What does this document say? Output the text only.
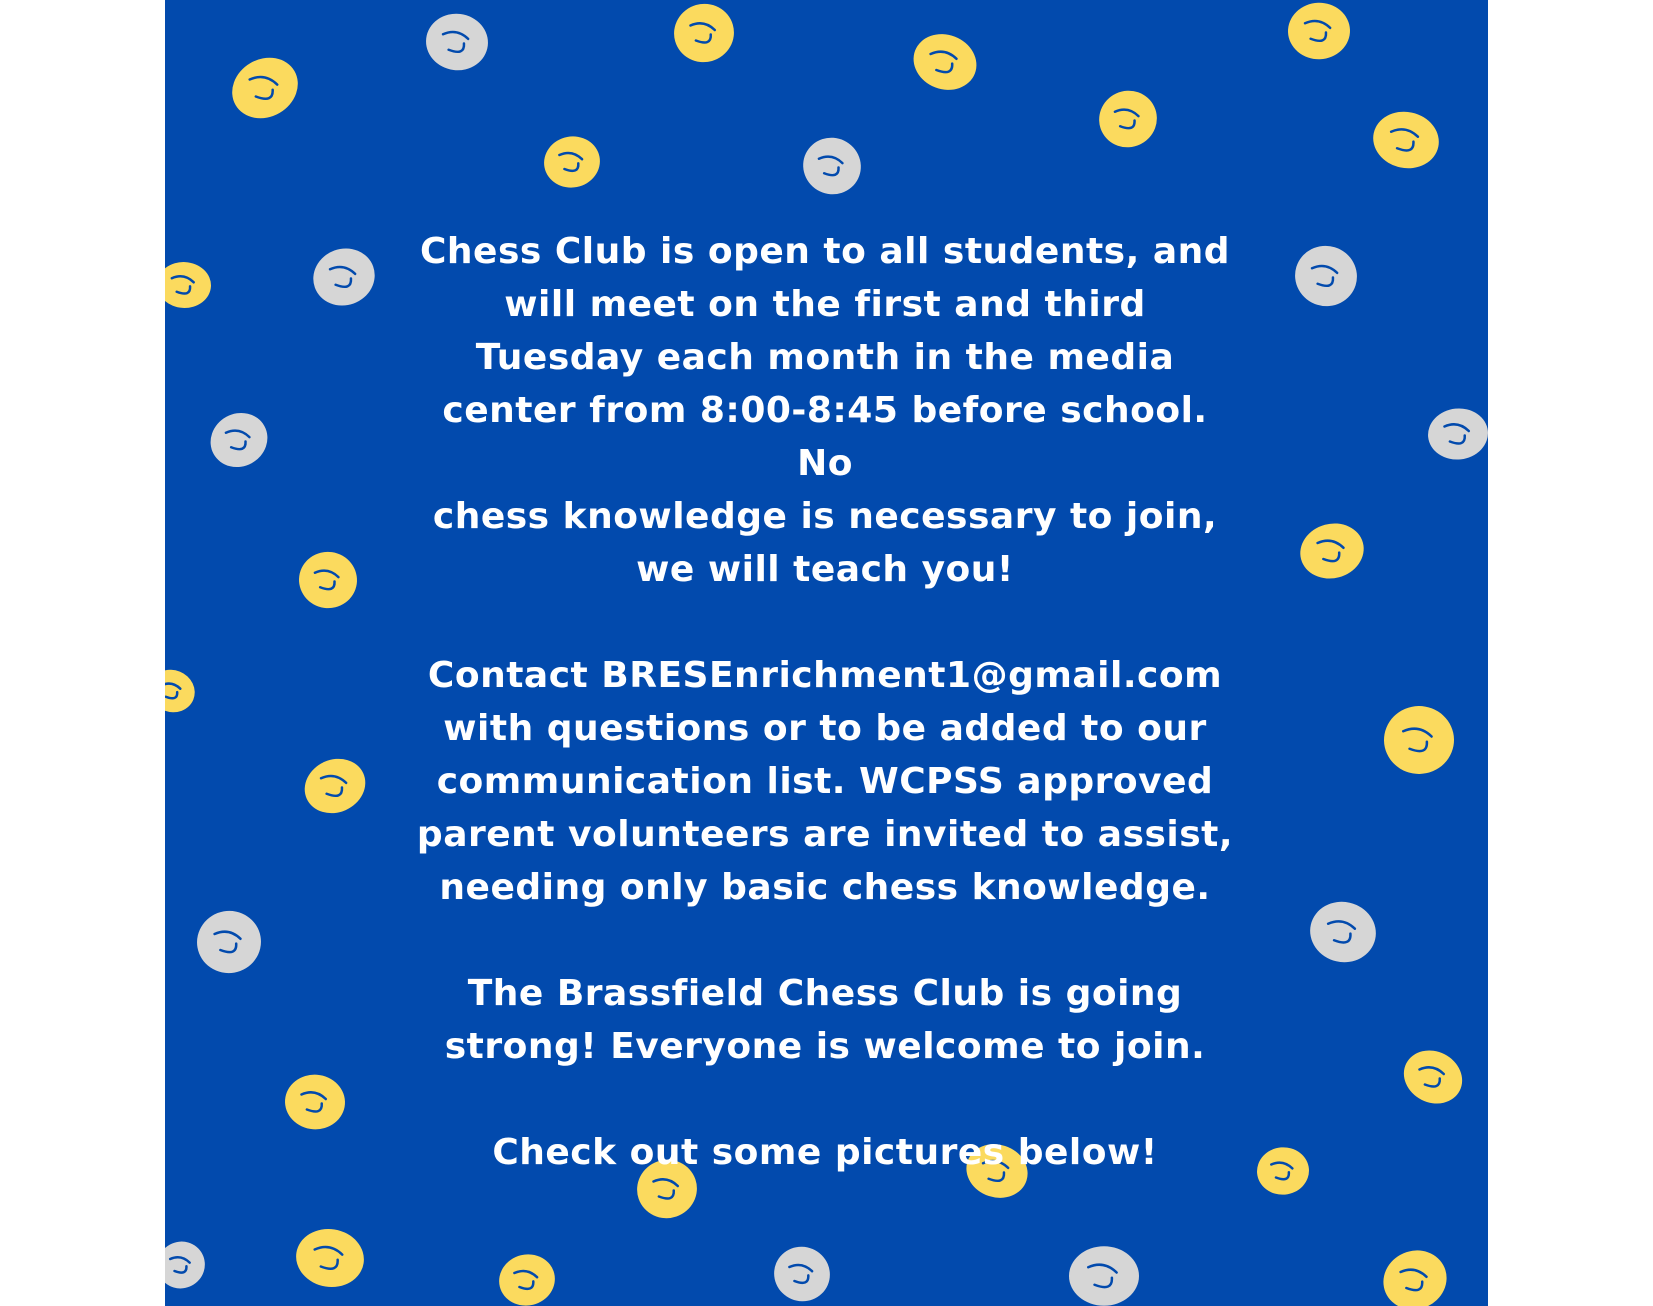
Chess Club is open to all students, and
will meet on the first and third
Tuesday each month in the media
center from 8:00-8:45 before school. No
chess knowledge is necessary to join,
we will teach you!

Contact BRESEnrichment1@gmail.com
with questions or to be added to our
communication list. WCPSS approved
parent volunteers are invited to assist,
needing only basic chess knowledge.

The Brassfield Chess Club is going
strong! Everyone is welcome to join.

Check out some pictures below!
